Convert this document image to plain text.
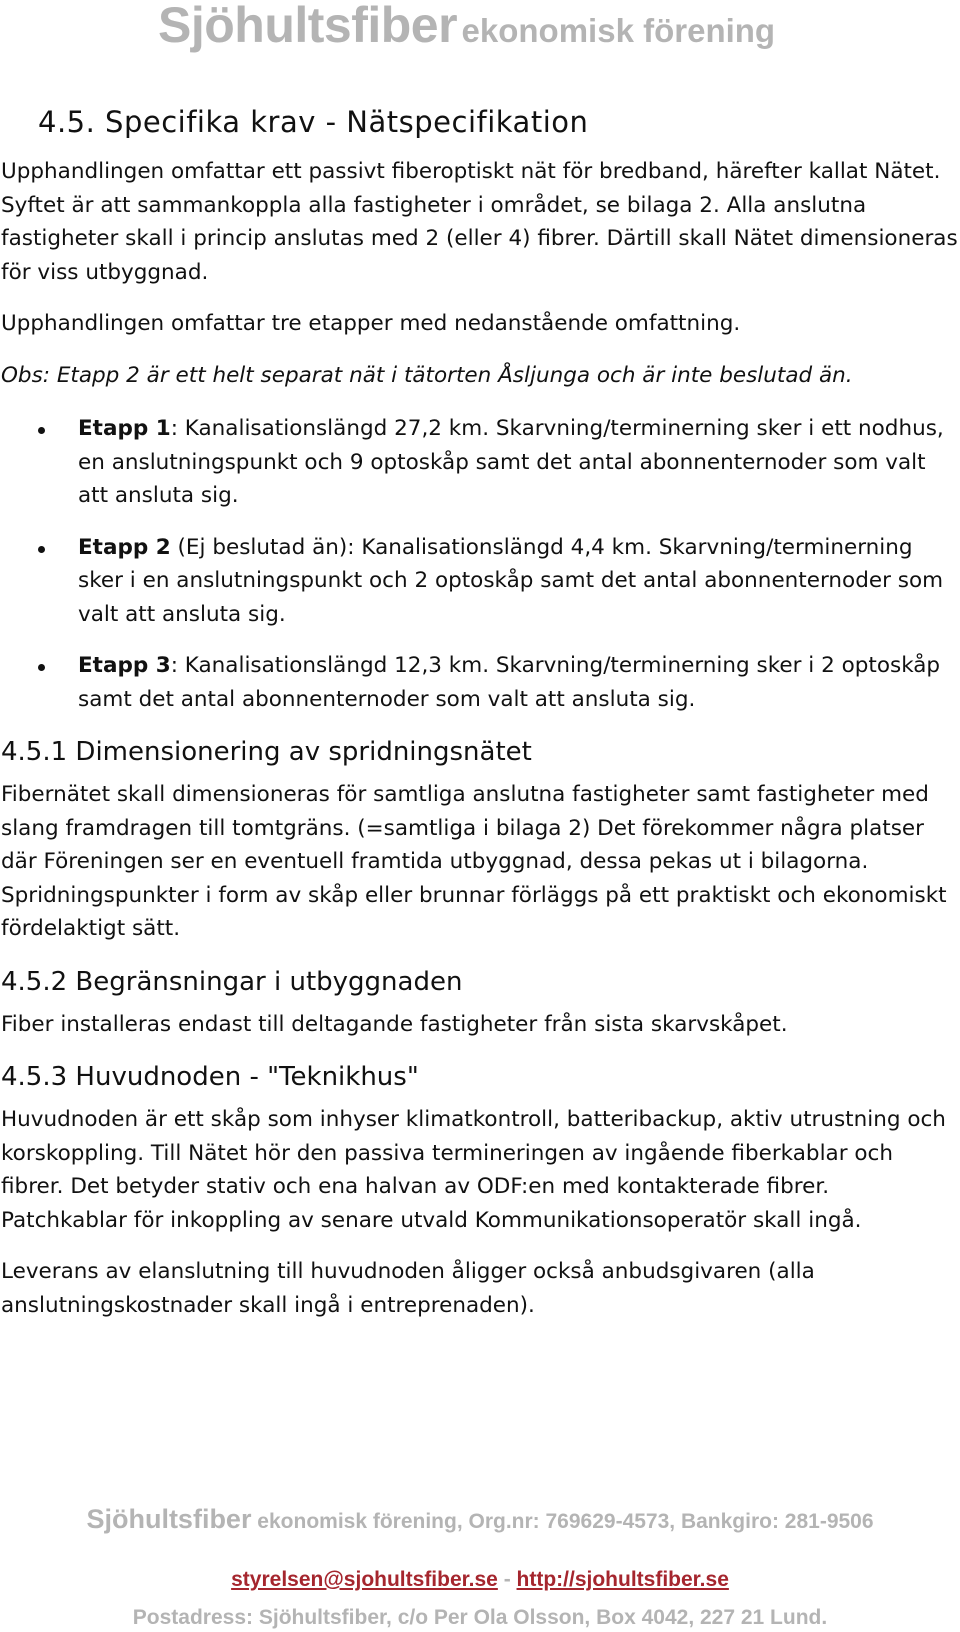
Sjöhultsfiber ekonomisk förening
4.5. Specifika krav - Nätspecifikation

Upphandlingen omfattar ett passivt fiberoptiskt nät för bredband, härefter kallat Nätet. Syftet är att sammankoppla alla fastigheter i området, se bilaga 2. Alla anslutna fastigheter skall i princip anslutas med 2 (eller 4) fibrer. Därtill skall Nätet dimensioneras för viss utbyggnad.

Upphandlingen omfattar tre etapper med nedanstående omfattning.

Obs: Etapp 2 är ett helt separat nät i tätorten Åsljunga och är inte beslutad än.

Etapp 1: Kanalisationslängd 27,2 km. Skarvning/terminerning sker i ett nodhus, en anslutningspunkt och 9 optoskåp samt det antal abonnenternoder som valt att ansluta sig.
Etapp 2 (Ej beslutad än): Kanalisationslängd 4,4 km. Skarvning/terminerning sker i en anslutningspunkt och 2 optoskåp samt det antal abonnenternoder som valt att ansluta sig.
Etapp 3: Kanalisationslängd 12,3 km. Skarvning/terminerning sker i 2 optoskåp samt det antal abonnenternoder som valt att ansluta sig.
4.5.1 Dimensionering av spridningsnätet

Fibernätet skall dimensioneras för samtliga anslutna fastigheter samt fastigheter med slang framdragen till tomtgräns. (=samtliga i bilaga 2) Det förekommer några platser där Föreningen ser en eventuell framtida utbyggnad, dessa pekas ut i bilagorna. Spridningspunkter i form av skåp eller brunnar förläggs på ett praktiskt och ekonomiskt fördelaktigt sätt.

4.5.2 Begränsningar i utbyggnaden

Fiber installeras endast till deltagande fastigheter från sista skarvskåpet.

4.5.3 Huvudnoden - "Teknikhus"

Huvudnoden är ett skåp som inhyser klimatkontroll, batteribackup, aktiv utrustning och korskoppling. Till Nätet hör den passiva termineringen av ingående fiberkablar och fibrer. Det betyder stativ och ena halvan av ODF:en med kontakterade fibrer. Patchkablar för inkoppling av senare utvald Kommunikationsoperatör skall ingå.

Leverans av elanslutning till huvudnoden åligger också anbudsgivaren (alla anslutningskostnader skall ingå i entreprenaden).

Sjöhultsfiber ekonomisk förening, Org.nr: 769629-4573, Bankgiro: 281-9506
styrelsen@sjohultsfiber.se - http://sjohultsfiber.se
Postadress: Sjöhultsfiber, c/o Per Ola Olsson, Box 4042, 227 21 Lund.
